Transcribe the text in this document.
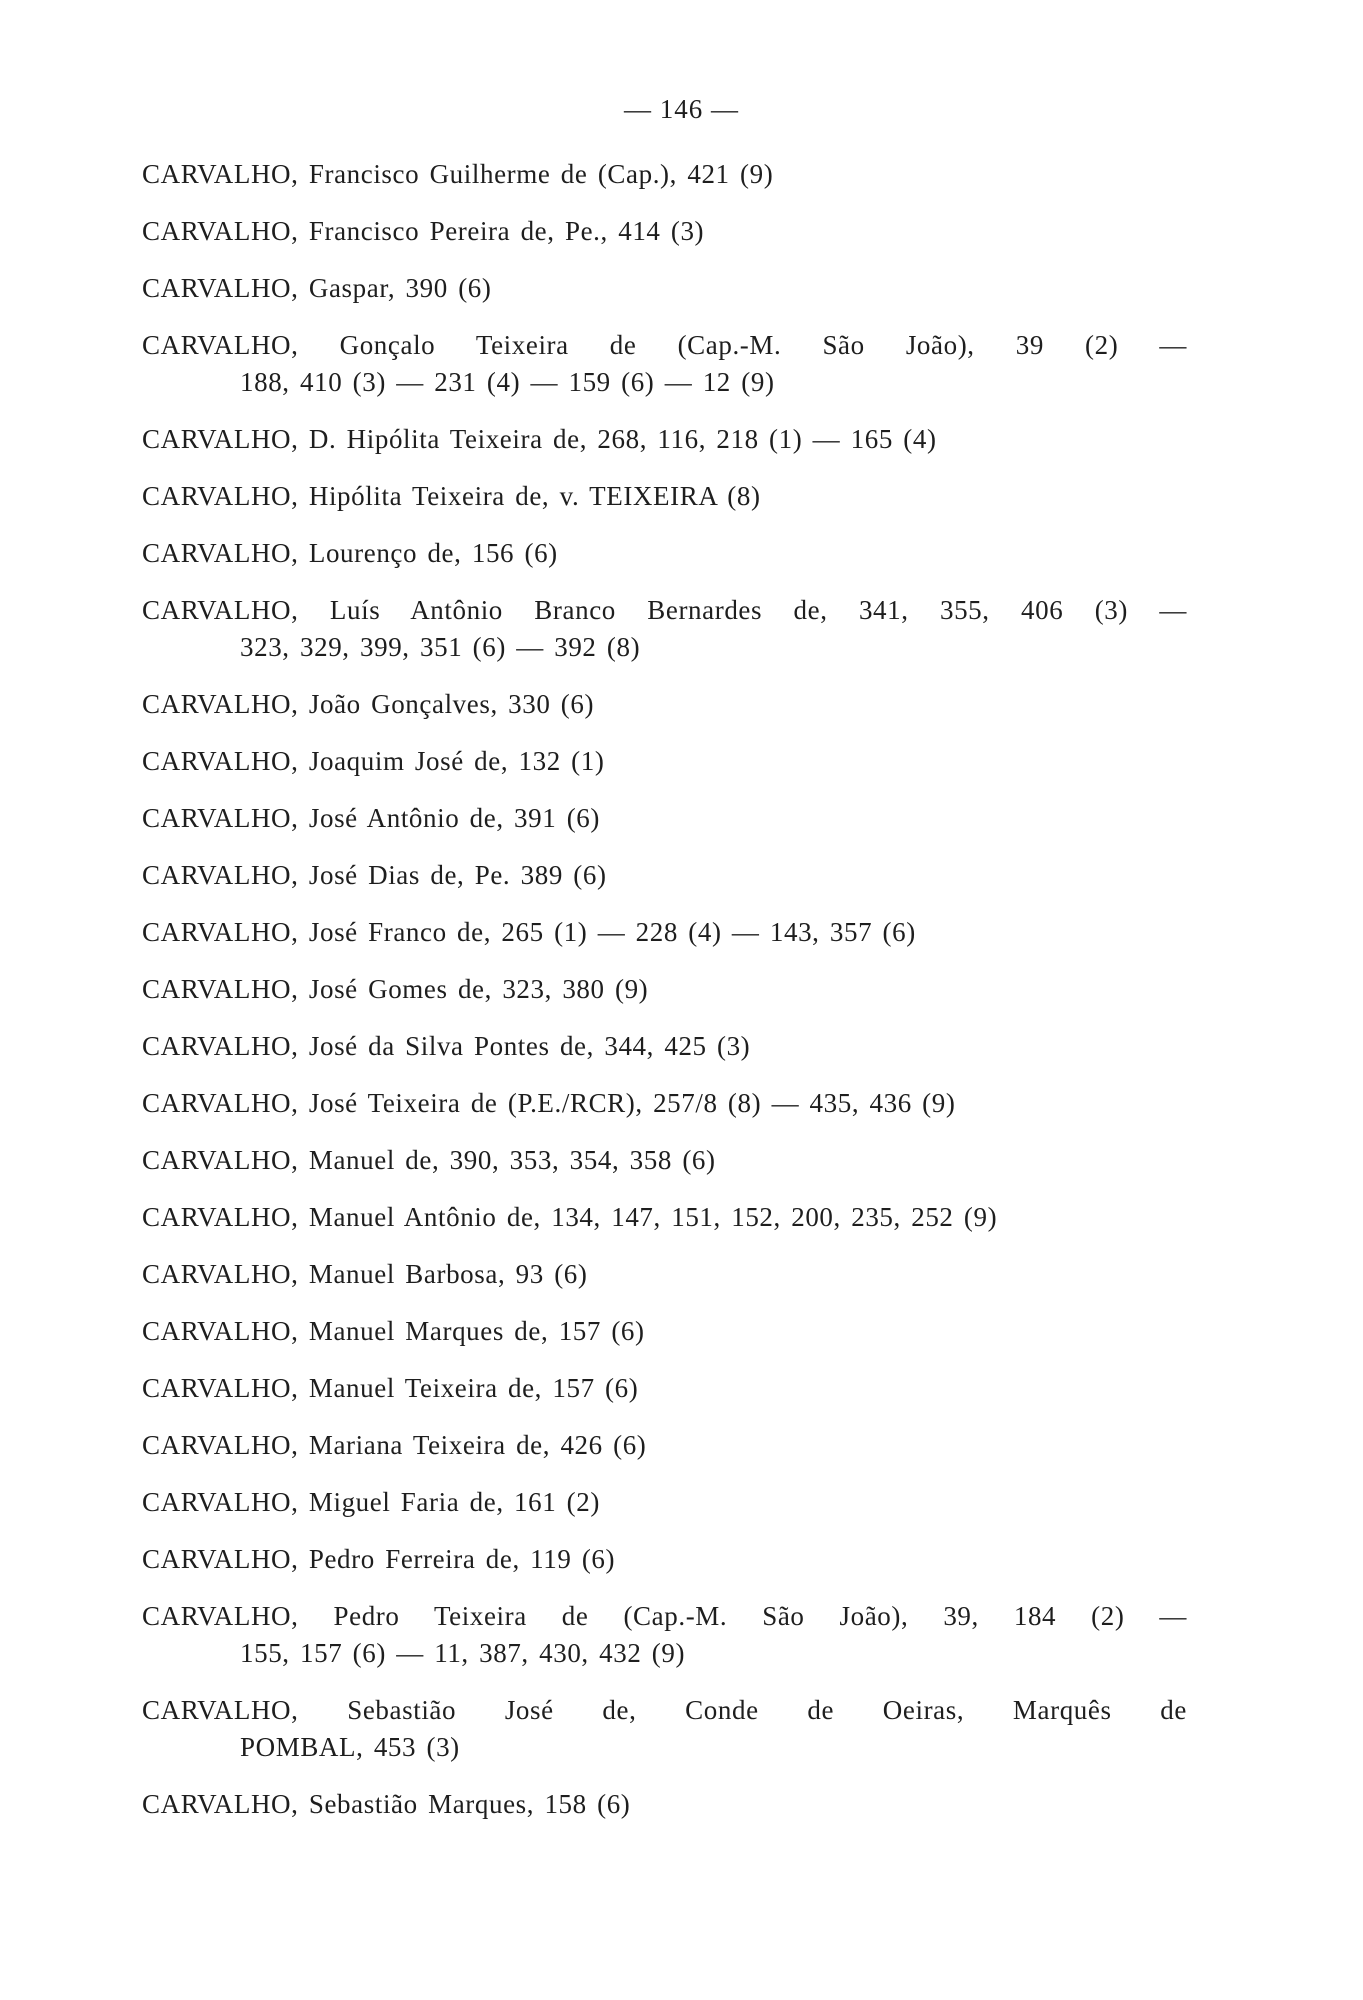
— 146 —
CARVALHO, Francisco Guilherme de (Cap.), 421 (9)
CARVALHO, Francisco Pereira de, Pe., 414 (3)
CARVALHO, Gaspar, 390 (6)
CARVALHO, Gonçalo Teixeira de (Cap.-M. São João), 39 (2) —
188, 410 (3) — 231 (4) — 159 (6) — 12 (9)
CARVALHO, D. Hipólita Teixeira de, 268, 116, 218 (1) — 165 (4)
CARVALHO, Hipólita Teixeira de, v. TEIXEIRA (8)
CARVALHO, Lourenço de, 156 (6)
CARVALHO, Luís Antônio Branco Bernardes de, 341, 355, 406 (3) —
323, 329, 399, 351 (6) — 392 (8)
CARVALHO, João Gonçalves, 330 (6)
CARVALHO, Joaquim José de, 132 (1)
CARVALHO, José Antônio de, 391 (6)
CARVALHO, José Dias de, Pe. 389 (6)
CARVALHO, José Franco de, 265 (1) — 228 (4) — 143, 357 (6)
CARVALHO, José Gomes de, 323, 380 (9)
CARVALHO, José da Silva Pontes de, 344, 425 (3)
CARVALHO, José Teixeira de (P.E./RCR), 257/8 (8) — 435, 436 (9)
CARVALHO, Manuel de, 390, 353, 354, 358 (6)
CARVALHO, Manuel Antônio de, 134, 147, 151, 152, 200, 235, 252 (9)
CARVALHO, Manuel Barbosa, 93 (6)
CARVALHO, Manuel Marques de, 157 (6)
CARVALHO, Manuel Teixeira de, 157 (6)
CARVALHO, Mariana Teixeira de, 426 (6)
CARVALHO, Miguel Faria de, 161 (2)
CARVALHO, Pedro Ferreira de, 119 (6)
CARVALHO, Pedro Teixeira de (Cap.-M. São João), 39, 184 (2) —
155, 157 (6) — 11, 387, 430, 432 (9)
CARVALHO, Sebastião José de, Conde de Oeiras, Marquês de
POMBAL, 453 (3)
CARVALHO, Sebastião Marques, 158 (6)
